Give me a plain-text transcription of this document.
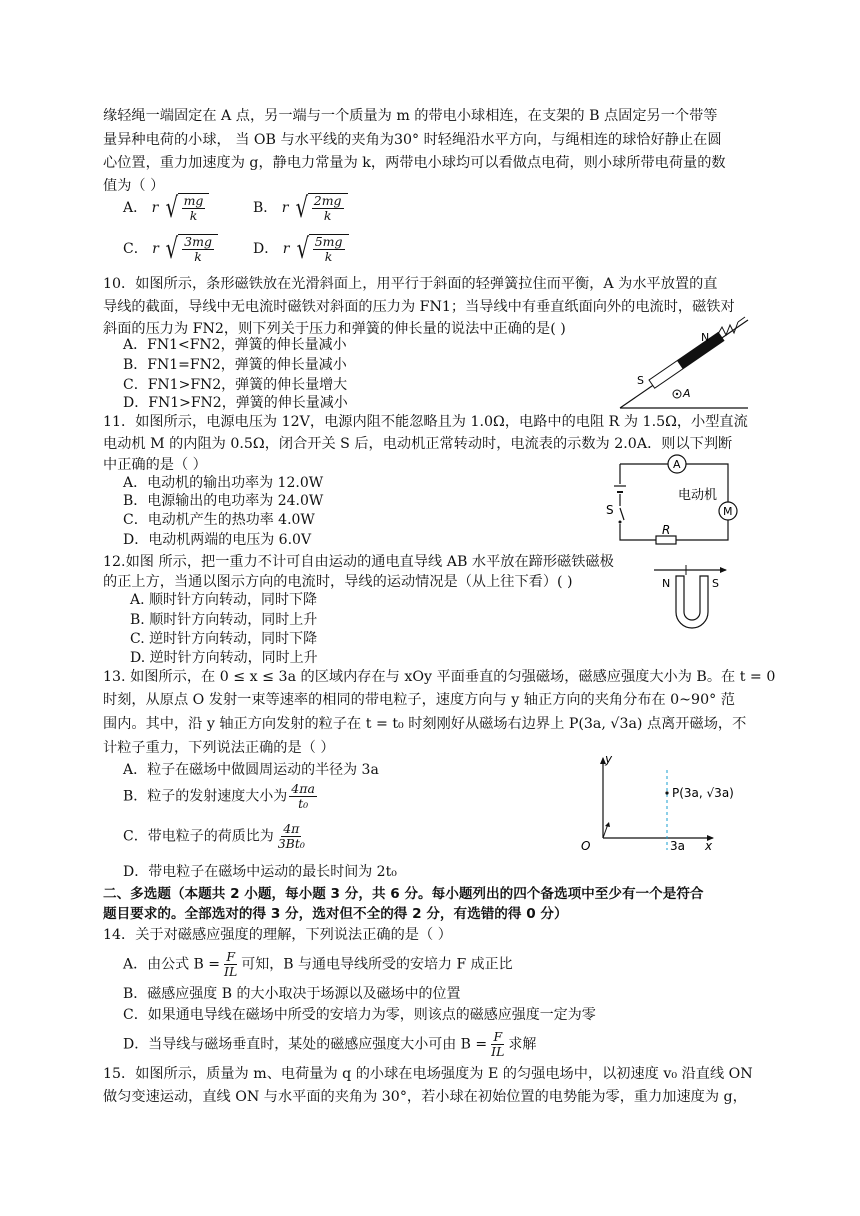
缘轻绳一端固定在 A 点，另一端与一个质量为 m 的带电小球相连，在支架的 B 点固定另一个带等
量异种电荷的小球， 当 OB 与水平线的夹角为30° 时轻绳沿水平方向，与绳相连的球恰好静止在圆
心位置，重力加速度为 g，静电力常量为 k，两带电小球均可以看做点电荷，则小球所带电荷量的数
值为（ ）
A． r √ $\frac{mg}{k}$	B． r √ $\frac{2mg}{k}$
C． r √ $\frac{3mg}{k}$	D． r √ $\frac{5mg}{k}$
10．如图所示，条形磁铁放在光滑斜面上，用平行于斜面的轻弹簧拉住而平衡，A 为水平放置的直
导线的截面，导线中无电流时磁铁对斜面的压力为 FN1；当导线中有垂直纸面向外的电流时，磁铁对
斜面的压力为 FN2，则下列关于压力和弹簧的伸长量的说法中正确的是( )
A．FN1<FN2，弹簧的伸长量减小
B．FN1=FN2，弹簧的伸长量减小
C．FN1>FN2，弹簧的伸长量增大
D．FN1>FN2，弹簧的伸长量减小
N
S
A
11．如图所示，电源电压为 12V，电源内阻不能忽略且为 1.0Ω，电路中的电阻 R 为 1.5Ω，小型直流
电动机 M 的内阻为 0.5Ω，闭合开关 S 后，电动机正常转动时，电流表的示数为 2.0A．则以下判断
中正确的是（ ）
A．电动机的输出功率为 12.0W
B．电源输出的电功率为 24.0W
C．电动机产生的热功率 4.0W
D．电动机两端的电压为 6.0V
A
S	M
电动机
R
12.如图 所示，把一重力不计可自由运动的通电直导线 AB 水平放在蹄形磁铁磁极
的正上方，当通以图示方向的电流时，导线的运动情况是（从上往下看）( )
A. 顺时针方向转动，同时下降
B. 顺时针方向转动，同时上升
C. 逆时针方向转动，同时下降
D. 逆时针方向转动，同时上升
N	S
13. 如图所示，在 0 ≤ x ≤ 3a 的区域内存在与 xOy 平面垂直的匀强磁场，磁感应强度大小为 B。在 t = 0
时刻，从原点 O 发射一束等速率的相同的带电粒子，速度方向与 y 轴正方向的夹角分布在 0~90° 范
围内。其中，沿 y 轴正方向发射的粒子在 t = t₀ 时刻刚好从磁场右边界上 P(3a, √3a) 点离开磁场，不
计粒子重力，下列说法正确的是（ ）
A．粒子在磁场中做圆周运动的半径为 3a
B．粒子的发射速度大小为 $\frac{4\pi a}{\text{t₀}}$
C．带电粒子的荷质比为 $\frac{4\pi}{\text{3Bt₀}}$
D．带电粒子在磁场中运动的最长时间为 2t₀
y
x
O
P(3a, √3a)
3a
二、多选题（本题共 2 小题，每小题 3 分，共 6 分。每小题列出的四个备选项中至少有一个是符合
题目要求的。全部选对的得 3 分，选对但不全的得 2 分，有选错的得 0 分）
14．关于对磁感应强度的理解，下列说法正确的是（ ）
A．由公式 $B = \frac{F}{IL}$ 可知，B 与通电导线所受的安培力 F 成正比
B．磁感应强度 B 的大小取决于场源以及磁场中的位置
C．如果通电导线在磁场中所受的安培力为零，则该点的磁感应强度一定为零
D．当导线与磁场垂直时，某处的磁感应强度大小可由 $B = \frac{F}{IL}$ 求解
15．如图所示，质量为 m、电荷量为 q 的小球在电场强度为 E 的匀强电场中，以初速度 v₀ 沿直线 ON
做匀变速运动，直线 ON 与水平面的夹角为 30°，若小球在初始位置的电势能为零，重力加速度为 g，
